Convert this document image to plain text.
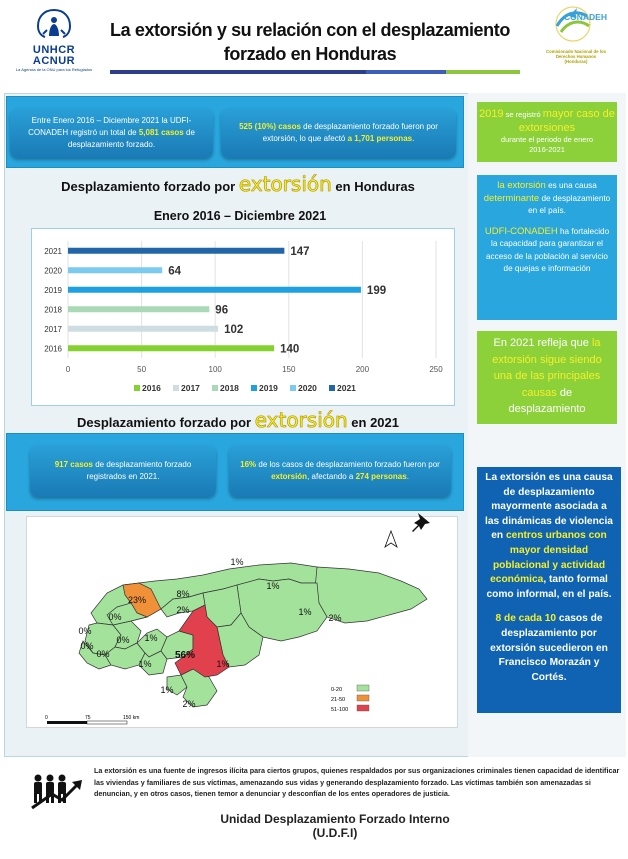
UNHCR
ACNUR
La Agencia de la ONU para los Refugiados
La extorsión y su relación con el desplazamiento
forzado en Honduras
CONADEH
Comisionado Nacional de los
Derechos Humanos
(Honduras)
Entre Enero 2016 – Diciembre 2021 la UDFI-CONADEH registró un total de 5,081 casos de desplazamiento forzado.
525 (10%) casos de desplazamiento forzado fueron por extorsión, lo que afectó a 1,701 personas.
Desplazamiento forzado por extorsión en Honduras
Enero 2016 – Diciembre 2021
0	50	100	150	200	250
2021	147
2020	64
2019	199
2018	96
2017	102
2016	140
2016 2017 2018 2019 2020 2021
Desplazamiento forzado por extorsión en 2021
917 casos de desplazamiento forzado registrados en 2021.
16% de los casos de desplazamiento forzado fueron por extorsión, afectando a 274 personas.
1%
8%
2%
1%
23%
2%
0%
0%
0%
0%
0% 1%
1%
56%
1%
1%
1%
2%
0	75	150 km
0-20
21-50
51-100
2019 se registró mayor caso de extorsiones
durante el periodo de enero 2016-2021
la extorsión es una causa determinante de desplazamiento en el país.
UDFI-CONADEH ha fortalecido la capacidad para garantizar el acceso de la población al servicio de quejas e información
En 2021 refleja que la extorsión sigue siendo una de las principales causas de desplazamiento
La extorsión es una causa de desplazamiento mayormente asociada a las dinámicas de violencia en centros urbanos con mayor densidad poblacional y actividad económica, tanto formal como informal, en el país.
8 de cada 10 casos de desplazamiento por extorsión sucedieron en Francisco Morazán y Cortés.
La extorsión es una fuente de ingresos ilícita para ciertos grupos, quienes respaldados por sus organizaciones criminales tienen capacidad de identificar las viviendas y familiares de sus víctimas, amenazando sus vidas y generando desplazamiento forzado. Las víctimas también son amenazadas si denuncian, y en otros casos, tienen temor a denunciar y desconfían de los entes operadores de justicia.
Unidad Desplazamiento Forzado Interno
(U.D.F.I)
